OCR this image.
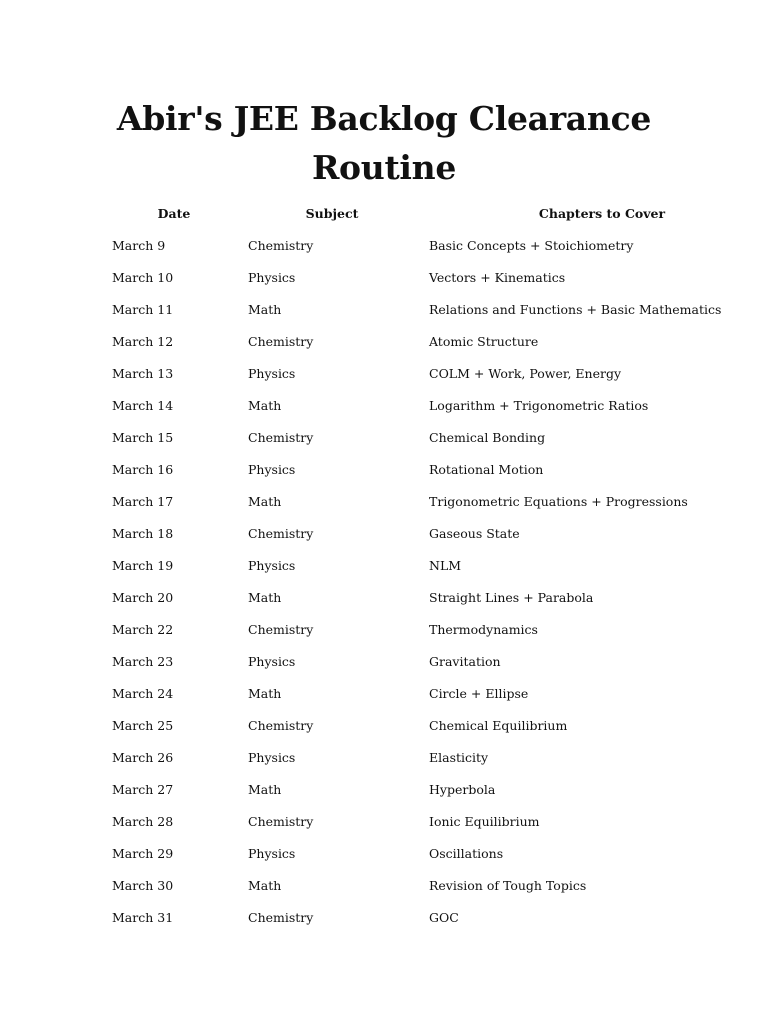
Abir's JEE Backlog Clearance
Routine
Date	Subject	Chapters to Cover
March 9	Chemistry	Basic Concepts + Stoichiometry
March 10	Physics	Vectors + Kinematics
March 11	Math	Relations and Functions + Basic Mathematics
March 12	Chemistry	Atomic Structure
March 13	Physics	COLM + Work, Power, Energy
March 14	Math	Logarithm + Trigonometric Ratios
March 15	Chemistry	Chemical Bonding
March 16	Physics	Rotational Motion
March 17	Math	Trigonometric Equations + Progressions
March 18	Chemistry	Gaseous State
March 19	Physics	NLM
March 20	Math	Straight Lines + Parabola
March 22	Chemistry	Thermodynamics
March 23	Physics	Gravitation
March 24	Math	Circle + Ellipse
March 25	Chemistry	Chemical Equilibrium
March 26	Physics	Elasticity
March 27	Math	Hyperbola
March 28	Chemistry	Ionic Equilibrium
March 29	Physics	Oscillations
March 30	Math	Revision of Tough Topics
March 31	Chemistry	GOC
